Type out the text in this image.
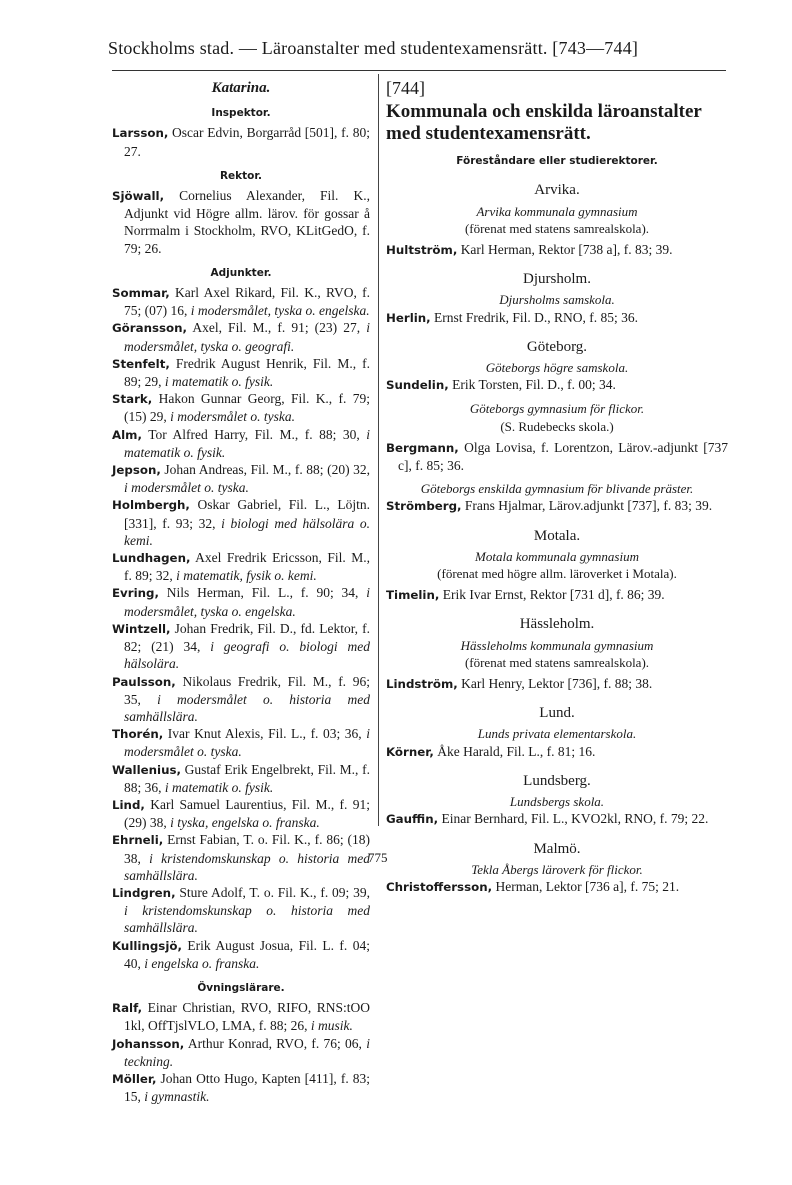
Stockholms stad. — Läroanstalter med studentexamensrätt. [743—744]
Katarina.
Inspektor.
Larsson, Oscar Edvin, Borgarråd [501], f. 80; 27.
Rektor.
Sjöwall, Cornelius Alexander, Fil. K., Adjunkt vid Högre allm. lärov. för gossar å Norrmalm i Stockholm, RVO, KLitGedO, f. 79; 26.
Adjunkter.
Sommar, Karl Axel Rikard, Fil. K., RVO, f. 75; (07) 16, i modersmålet, tyska o. engelska.
Göransson, Axel, Fil. M., f. 91; (23) 27, i modersmålet, tyska o. geografi.
Stenfelt, Fredrik August Henrik, Fil. M., f. 89; 29, i matematik o. fysik.
Stark, Hakon Gunnar Georg, Fil. K., f. 79; (15) 29, i modersmålet o. tyska.
Alm, Tor Alfred Harry, Fil. M., f. 88; 30, i matematik o. fysik.
Jepson, Johan Andreas, Fil. M., f. 88; (20) 32, i modersmålet o. tyska.
Holmbergh, Oskar Gabriel, Fil. L., Löjtn. [331], f. 93; 32, i biologi med hälsolära o. kemi.
Lundhagen, Axel Fredrik Ericsson, Fil. M., f. 89; 32, i matematik, fysik o. kemi.
Evring, Nils Herman, Fil. L., f. 90; 34, i modersmålet, tyska o. engelska.
Wintzell, Johan Fredrik, Fil. D., fd. Lektor, f. 82; (21) 34, i geografi o. biologi med hälsolära.
Paulsson, Nikolaus Fredrik, Fil. M., f. 96; 35, i modersmålet o. historia med samhällslära.
Thorén, Ivar Knut Alexis, Fil. L., f. 03; 36, i modersmålet o. tyska.
Wallenius, Gustaf Erik Engelbrekt, Fil. M., f. 88; 36, i matematik o. fysik.
Lind, Karl Samuel Laurentius, Fil. M., f. 91; (29) 38, i tyska, engelska o. franska.
Ehrneli, Ernst Fabian, T. o. Fil. K., f. 86; (18) 38, i kristendomskunskap o. historia med samhällslära.
Lindgren, Sture Adolf, T. o. Fil. K., f. 09; 39, i kristendomskunskap o. historia med samhällslära.
Kullingsjö, Erik August Josua, Fil. L. f. 04; 40, i engelska o. franska.
Övningslärare.
Ralf, Einar Christian, RVO, RIFO, RNS:tOO 1kl, OffTjslVLO, LMA, f. 88; 26, i musik.
Johansson, Arthur Konrad, RVO, f. 76; 06, i teckning.
Möller, Johan Otto Hugo, Kapten [411], f. 83; 15, i gymnastik.
[744]
Kommunala och enskilda läroanstalter med studentexamensrätt.
Föreståndare eller studierektorer.
Arvika.
Arvika kommunala gymnasium
(förenat med statens samrealskola).
Hultström, Karl Herman, Rektor [738 a], f. 83; 39.
Djursholm.
Djursholms samskola.
Herlin, Ernst Fredrik, Fil. D., RNO, f. 85; 36.
Göteborg.
Göteborgs högre samskola.
Sundelin, Erik Torsten, Fil. D., f. 00; 34.
Göteborgs gymnasium för flickor.
(S. Rudebecks skola.)
Bergmann, Olga Lovisa, f. Lorentzon, Lärov.-adjunkt [737 c], f. 85; 36.
Göteborgs enskilda gymnasium för blivande präster.
Strömberg, Frans Hjalmar, Lärov.adjunkt [737], f. 83; 39.
Motala.
Motala kommunala gymnasium
(förenat med högre allm. läroverket i Motala).
Timelin, Erik Ivar Ernst, Rektor [731 d], f. 86; 39.
Hässleholm.
Hässleholms kommunala gymnasium
(förenat med statens samrealskola).
Lindström, Karl Henry, Lektor [736], f. 88; 38.
Lund.
Lunds privata elementarskola.
Körner, Åke Harald, Fil. L., f. 81; 16.
Lundsberg.
Lundsbergs skola.
Gauffin, Einar Bernhard, Fil. L., KVO2kl, RNO, f. 79; 22.
Malmö.
Tekla Åbergs läroverk för flickor.
Christoffersson, Herman, Lektor [736 a], f. 75; 21.
775
